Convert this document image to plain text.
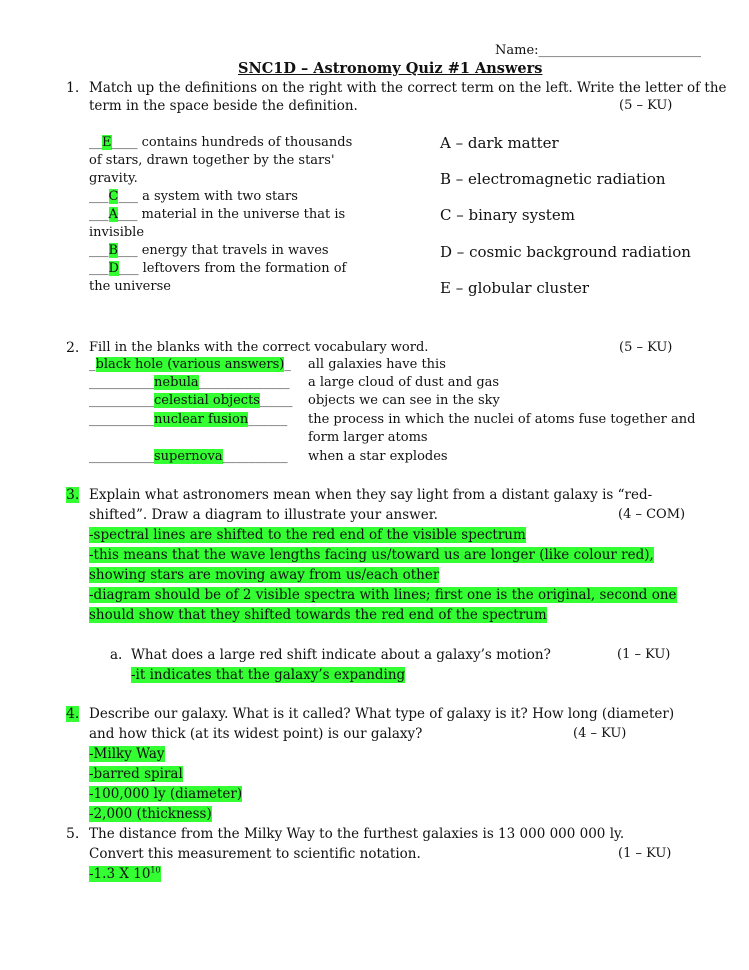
Name:_________________________
SNC1D – Astronomy Quiz #1 Answers
1. Match up the definitions on the right with the correct term on the left. Write the letter of the
term in the space beside the definition.	(5 – KU)
__E____ contains hundreds of thousands
of stars, drawn together by the stars'
gravity.
___C___ a system with two stars
___A___ material in the universe that is
invisible
___B___ energy that travels in waves
___D___ leftovers from the formation of
the universe
A – dark matter
B – electromagnetic radiation
C – binary system
D – cosmic background radiation
E – globular cluster
2. Fill in the blanks with the correct vocabulary word.	(5 – KU)
_black hole (various answers)_ all galaxies have this
__________nebula______________ a large cloud of dust and gas
__________celestial objects_____ objects we can see in the sky
__________nuclear fusion______ the process in which the nuclei of atoms fuse together and
form larger atoms
__________supernova__________ when a star explodes
3. Explain what astronomers mean when they say light from a distant galaxy is “red-
shifted”. Draw a diagram to illustrate your answer.	(4 – COM)
-spectral lines are shifted to the red end of the visible spectrum
-this means that the wave lengths facing us/toward us are longer (like colour red),
showing stars are moving away from us/each other
-diagram should be of 2 visible spectra with lines; first one is the original, second one
should show that they shifted towards the red end of the spectrum
a. What does a large red shift indicate about a galaxy’s motion?	(1 – KU)
-it indicates that the galaxy’s expanding
4. Describe our galaxy. What is it called? What type of galaxy is it? How long (diameter)
and how thick (at its widest point) is our galaxy?	(4 – KU)
-Milky Way
-barred spiral
-100,000 ly (diameter)
-2,000 (thickness)
5. The distance from the Milky Way to the furthest galaxies is 13 000 000 000 ly.
Convert this measurement to scientific notation.	(1 – KU)
-1.3 X $10^{10}$
